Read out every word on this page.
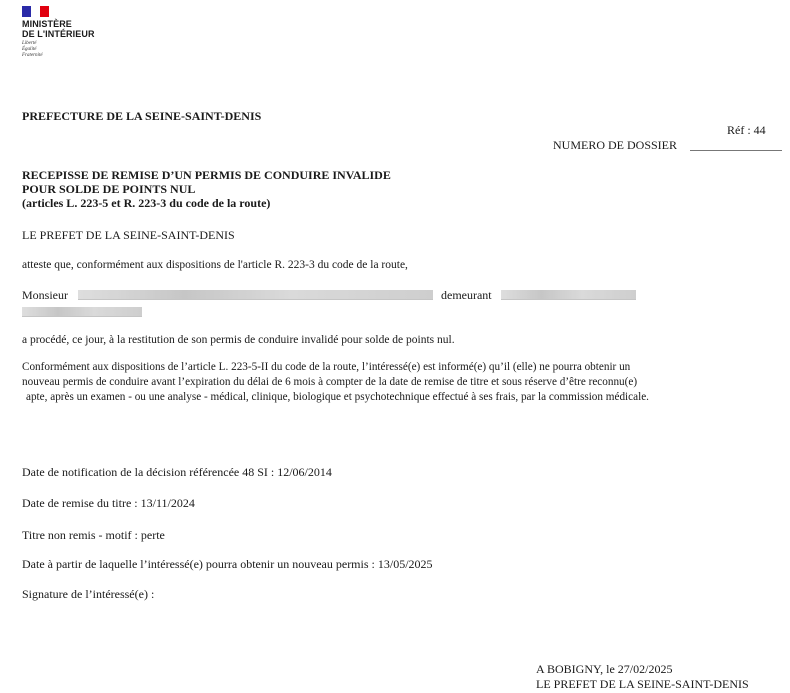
MINISTÈRE
DE L'INTÉRIEUR
Liberté
Égalité
Fraternité
PREFECTURE DE LA SEINE-SAINT-DENIS
Réf : 44
NUMERO DE DOSSIER
RECEPISSE DE REMISE D’UN PERMIS DE CONDUIRE INVALIDE
POUR SOLDE DE POINTS NUL
(articles L. 223-5 et R. 223-3 du code de la route)
LE PREFET DE LA SEINE-SAINT-DENIS
atteste que, conformément aux dispositions de l'article R. 223-3 du code de la route,
Monsieur	demeurant
a procédé, ce jour, à la restitution de son permis de conduire invalidé pour solde de points nul.
Conformément aux dispositions de l’article L. 223-5-II du code de la route, l’intéressé(e) est informé(e) qu’il (elle) ne pourra obtenir un
nouveau permis de conduire avant l’expiration du délai de 6 mois à compter de la date de remise de titre et sous réserve d’être reconnu(e)
apte, après un examen - ou une analyse - médical, clinique, biologique et psychotechnique effectué à ses frais, par la commission médicale.
Date de notification de la décision référencée 48 SI : 12/06/2014
Date de remise du titre : 13/11/2024
Titre non remis - motif : perte
Date à partir de laquelle l’intéressé(e) pourra obtenir un nouveau permis : 13/05/2025
Signature de l’intéressé(e) :
A BOBIGNY, le 27/02/2025
LE PREFET DE LA SEINE-SAINT-DENIS
